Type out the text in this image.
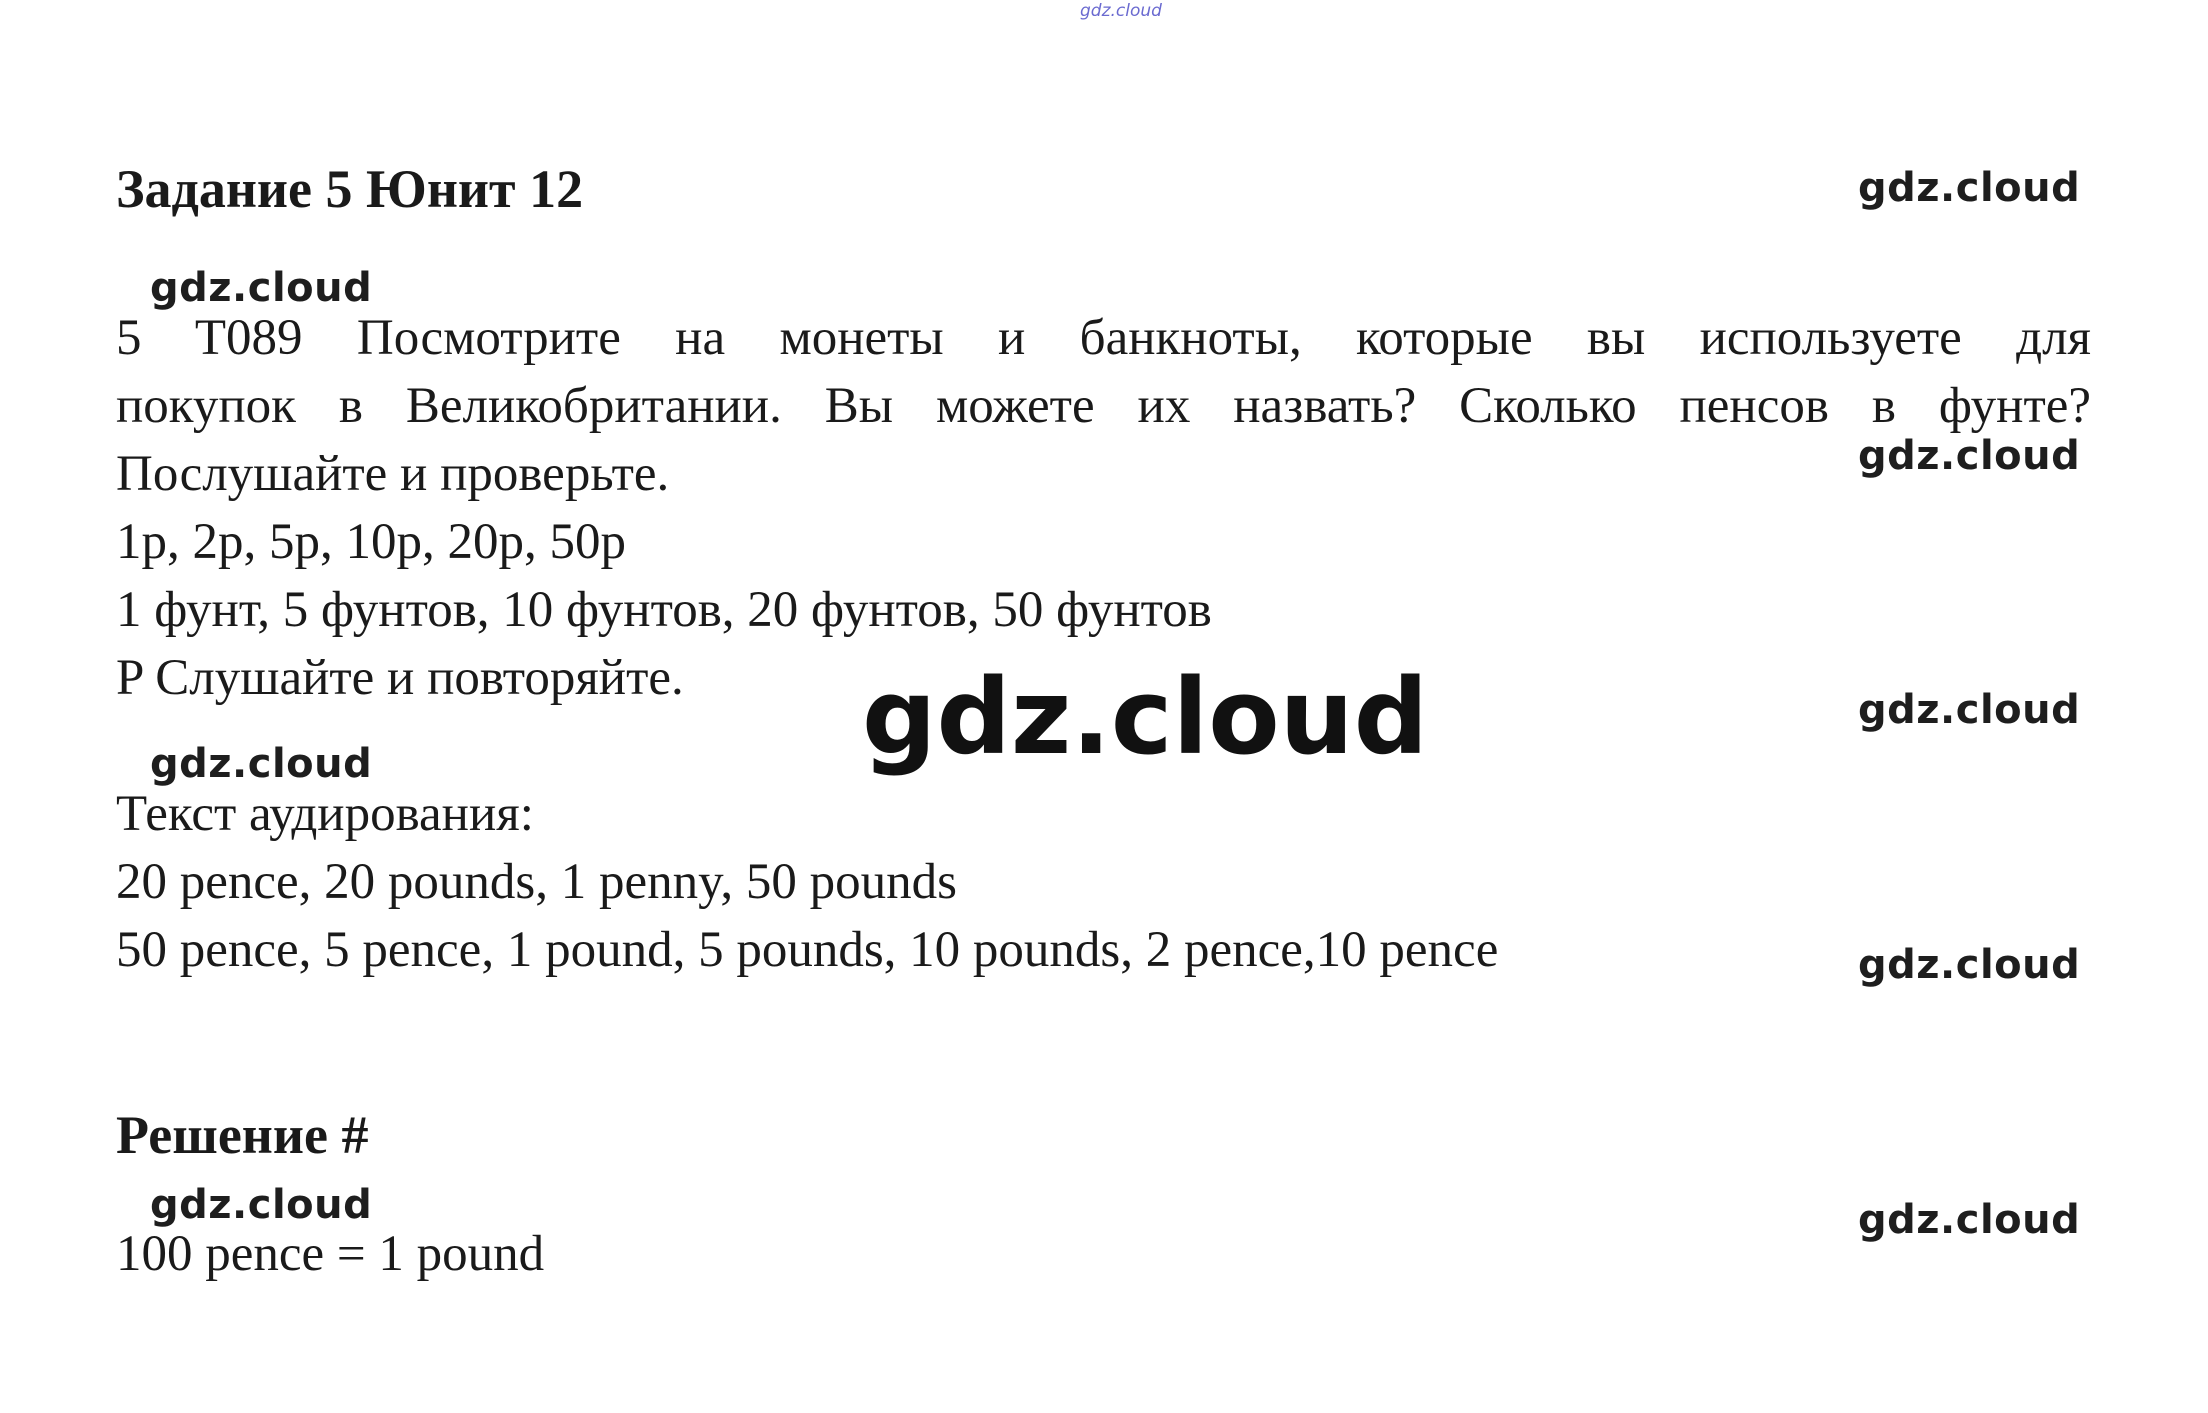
gdz.cloud
Задание 5 Юнит 12	gdz.cloud
gdz.cloud

5 T089 Посмотрите на монеты и банкноты, которые вы используете для

покупок в Великобритании. Вы можете их назвать? Сколько пенсов в фунте?

gdz.cloud

Послушайте и проверьте.

1p, 2p, 5p, 10p, 20p, 50p

1 фунт, 5 фунтов, 10 фунтов, 20 фунтов, 50 фунтов

P Слушайте и повторяйте. gdz.cloud	gdz.cloud
gdz.cloud

Текст аудирования:

20 pence, 20 pounds, 1 penny, 50 pounds

50 pence, 5 pence, 1 pound, 5 pounds, 10 pounds, 2 pence,10 pence	gdz.cloud
Решение #
gdz.cloud	gdz.cloud

100 pence = 1 pound
